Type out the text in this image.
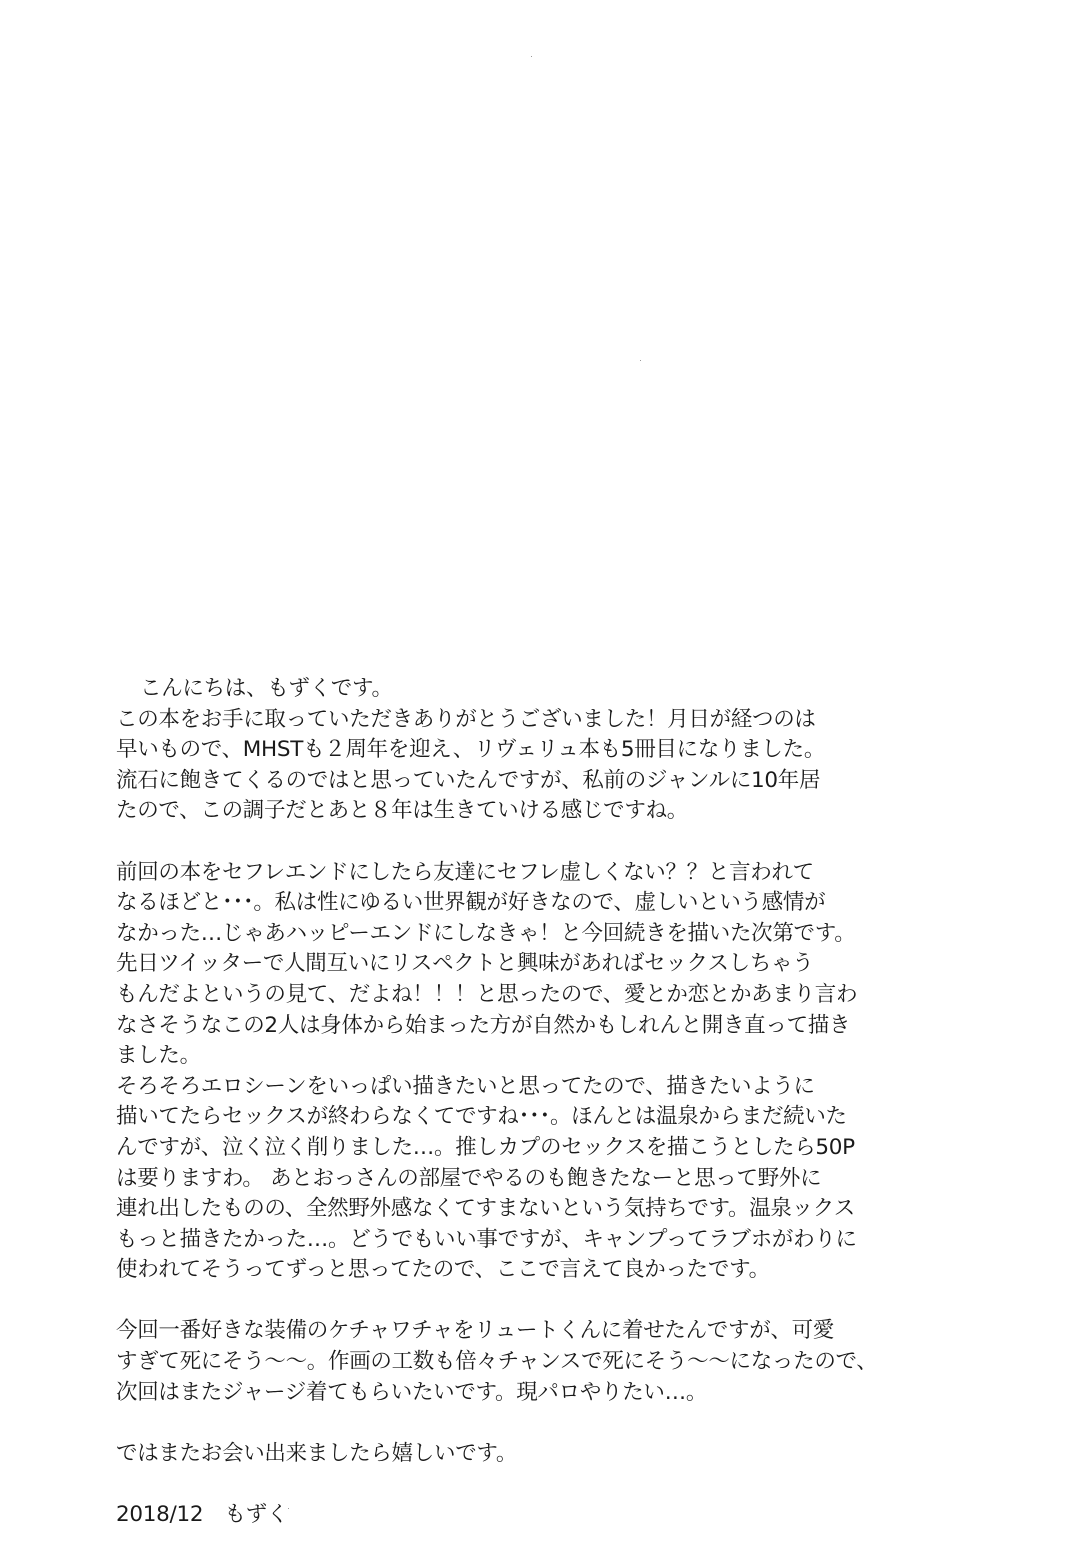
こんにちは、もずくです。
この本をお手に取っていただきありがとうございました！月日が経つのは
早いもので、MHSTも２周年を迎え、リヴェリュ本も5冊目になりました。
流石に飽きてくるのではと思っていたんですが、私前のジャンルに10年居
たので、この調子だとあと８年は生きていける感じですね。
前回の本をセフレエンドにしたら友達にセフレ虚しくない？？と言われて
なるほどと･･･。私は性にゆるい世界観が好きなので、虚しいという感情が
なかった…じゃあハッピーエンドにしなきゃ！と今回続きを描いた次第です。
先日ツイッターで人間互いにリスペクトと興味があればセックスしちゃう
もんだよというの見て、だよね！！！と思ったので、愛とか恋とかあまり言わ
なさそうなこの2人は身体から始まった方が自然かもしれんと開き直って描き
ました。
そろそろエロシーンをいっぱい描きたいと思ってたので、描きたいように
描いてたらセックスが終わらなくてですね･･･。ほんとは温泉からまだ続いた
んですが、泣く泣く削りました…。推しカプのセックスを描こうとしたら50P
は要りますわ。 あとおっさんの部屋でやるのも飽きたなーと思って野外に
連れ出したものの、全然野外感なくてすまないという気持ちです。温泉ックス
もっと描きたかった…。どうでもいい事ですが、キャンプってラブホがわりに
使われてそうってずっと思ってたので、ここで言えて良かったです。
今回一番好きな装備のケチャワチャをリュートくんに着せたんですが、可愛
すぎて死にそう〜〜。作画の工数も倍々チャンスで死にそう〜〜になったので、
次回はまたジャージ着てもらいたいです。現パロやりたい…。
ではまたお会い出来ましたら嬉しいです。
2018/12　もずく
